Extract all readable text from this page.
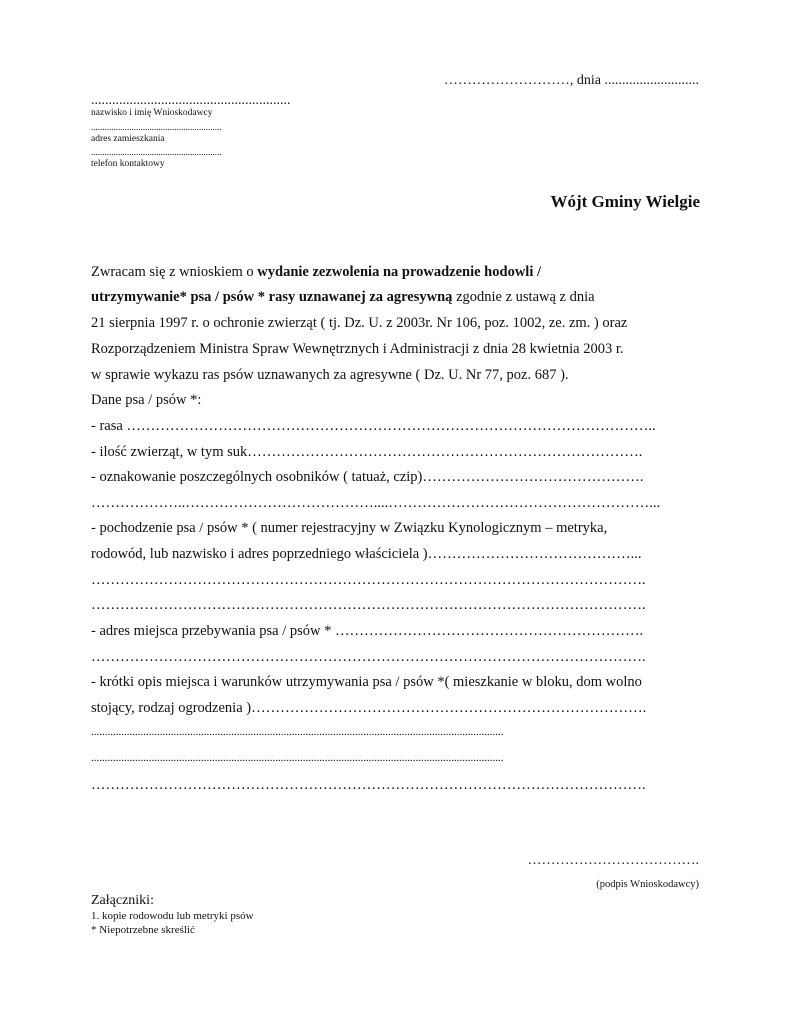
………………………, dnia ...........................
.........................................................
nazwisko i imię Wnioskodawcy
..........................................................
adres zamieszkania
..........................................................
telefon kontaktowy
Wójt Gminy Wielgie
Zwracam się z wnioskiem o wydanie zezwolenia na prowadzenie hodowli /
utrzymywanie* psa / psów * rasy uznawanej za agresywną zgodnie z ustawą z dnia
21 sierpnia 1997 r. o ochronie zwierząt ( tj. Dz. U. z 2003r. Nr 106, poz. 1002, ze. zm. ) oraz
Rozporządzeniem Ministra Spraw Wewnętrznych i Administracji z dnia 28 kwietnia 2003 r.
w sprawie wykazu ras psów uznawanych za agresywne ( Dz. U. Nr 77, poz. 687 ).
Dane psa / psów *:
- rasa ………………………………………………………………………………………………..
- ilość zwierząt, w tym suk……………………………………………………………………….
- oznakowanie poszczególnych osobników ( tatuaż, czip)……………………………………….
………………..…………………………………....………………………………………………...
- pochodzenie psa / psów * ( numer rejestracyjny w Związku Kynologicznym – metryka,
rodowód, lub nazwisko i adres poprzedniego właściciela )……………………………………...
…………………………………………………………………………………………………….
…………………………………………………………………………………………………….
- adres miejsca przebywania psa / psów * ……………………………………………………….
…………………………………………………………………………………………………….
- krótki opis miejsca i warunków utrzymywania psa / psów *( mieszkanie w bloku, dom wolno
stojący, rodzaj ogrodzenia )……………………………………………………………………….
......................................................................................................................................................
......................................................................................................................................................
…………………………………………………………………………………………………….
……………………………….
(podpis Wnioskodawcy)
Załączniki:
1. kopie rodowodu lub metryki psów
* Niepotrzebne skreślić
